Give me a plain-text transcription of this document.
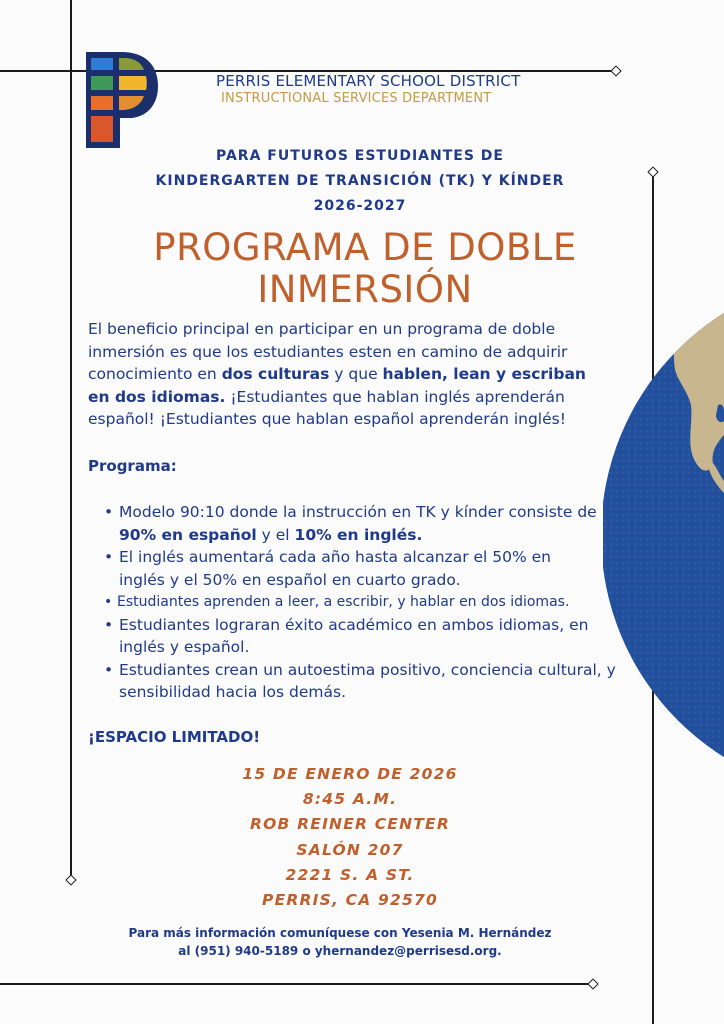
PERRIS ELEMENTARY SCHOOL DISTRICT
INSTRUCTIONAL SERVICES DEPARTMENT
PARA FUTUROS ESTUDIANTES DE
KINDERGARTEN DE TRANSICIÓN (TK) Y KÍNDER
2026-2027
PROGRAMA DE DOBLE
INMERSIÓN
El beneficio principal en participar en un programa de doble inmersión es que los estudiantes esten en camino de adquirir conocimiento en dos culturas y que hablen, lean y escriban en dos idiomas. ¡Estudiantes que hablan inglés aprenderán español! ¡Estudiantes que hablan español aprenderán inglés!
Programa:
• Modelo 90:10 donde la instrucción en TK y kínder consiste de 90% en español y el 10% en inglés.
• El inglés aumentará cada año hasta alcanzar el 50% en inglés y el 50% en español en cuarto grado.
• Estudiantes aprenden a leer, a escribir, y hablar en dos idiomas.
• Estudiantes lograran éxito académico en ambos idiomas, en inglés y español.
• Estudiantes crean un autoestima positivo, conciencia cultural, y sensibilidad hacia los demás.
¡ESPACIO LIMITADO!
15 DE ENERO DE 2026
8:45 A.M.
ROB REINER CENTER
SALÓN 207
2221 S. A ST.
PERRIS, CA 92570
Para más información comuníquese con Yesenia M. Hernández
al (951) 940-5189 o yhernandez@perrisesd.org.
